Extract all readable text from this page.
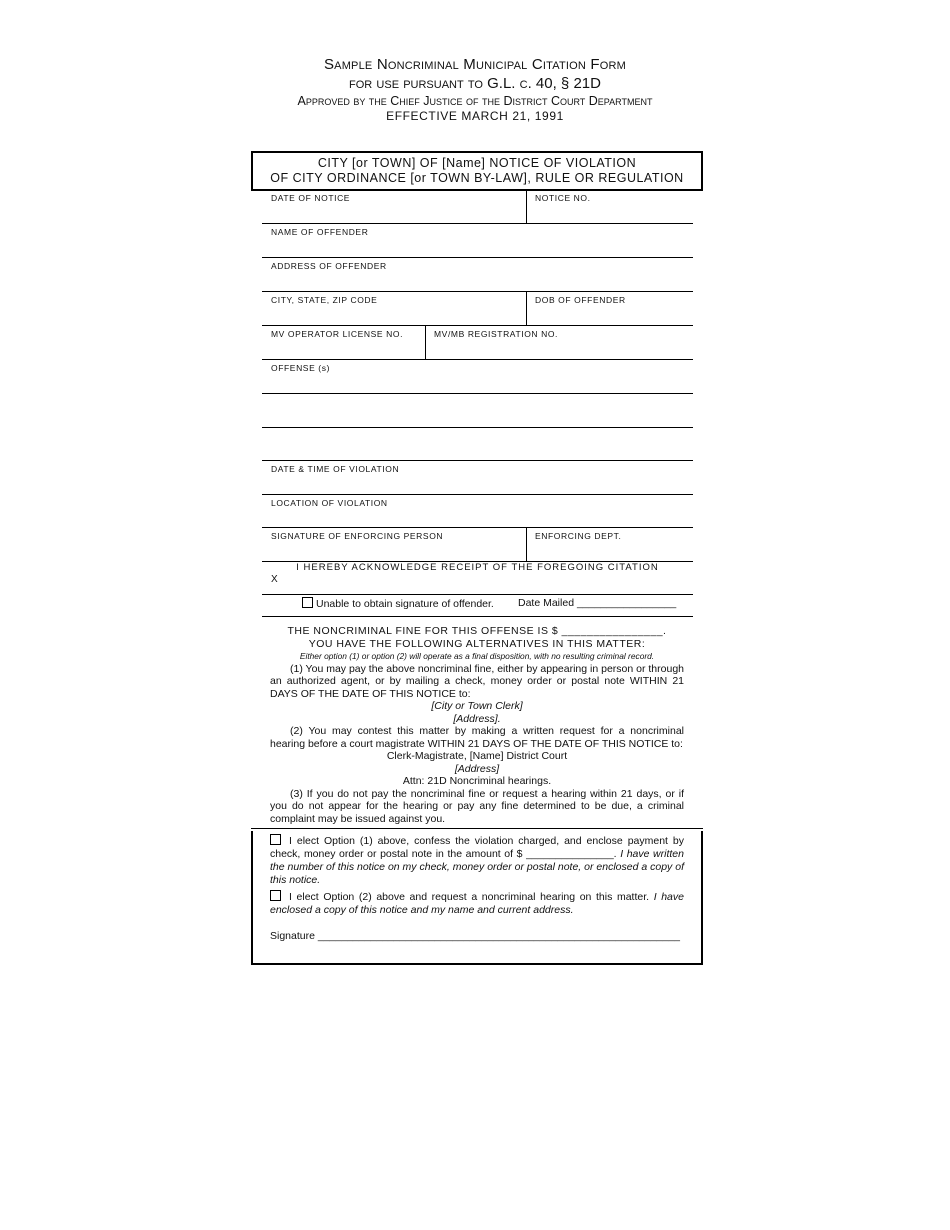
Sample Noncriminal Municipal Citation Form
for use pursuant to G.L. c. 40, § 21D
Approved by the Chief Justice of the District Court Department
EFFECTIVE MARCH 21, 1991
CITY [or TOWN] OF [Name] NOTICE OF VIOLATION
OF CITY ORDINANCE [or TOWN BY-LAW], RULE OR REGULATION
DATE OF NOTICE	NOTICE NO.
NAME OF OFFENDER
ADDRESS OF OFFENDER
CITY, STATE, ZIP CODE	DOB OF OFFENDER
MV OPERATOR LICENSE NO.	MV/MB REGISTRATION NO.
OFFENSE (s)
DATE & TIME OF VIOLATION
LOCATION OF VIOLATION
SIGNATURE OF ENFORCING PERSON	ENFORCING DEPT.
I HEREBY ACKNOWLEDGE RECEIPT OF THE FOREGOING CITATION
X
Unable to obtain signature of offender. Date Mailed _________________
THE NONCRIMINAL FINE FOR THIS OFFENSE IS $ ________________.
YOU HAVE THE FOLLOWING ALTERNATIVES IN THIS MATTER:
Either option (1) or option (2) will operate as a final disposition, with no resulting criminal record.
(1) You may pay the above noncriminal fine, either by appearing in person or through an authorized agent, or by mailing a check, money order or postal note WITHIN 21 DAYS OF THE DATE OF THIS NOTICE to:
[City or Town Clerk]
[Address].
(2) You may contest this matter by making a written request for a noncriminal hearing before a court magistrate WITHIN 21 DAYS OF THE DATE OF THIS NOTICE to:
Clerk-Magistrate, [Name] District Court
[Address]
Attn: 21D Noncriminal hearings.
(3) If you do not pay the noncriminal fine or request a hearing within 21 days, or if you do not appear for the hearing or pay any fine determined to be due, a criminal complaint may be issued against you.
I elect Option (1) above, confess the violation charged, and enclose payment by check, money order or postal note in the amount of $ _______________. I have written the number of this notice on my check, money order or postal note, or enclosed a copy of this notice.
I elect Option (2) above and request a noncriminal hearing on this matter. I have enclosed a copy of this notice and my name and current address.
Signature ______________________________________________________________
